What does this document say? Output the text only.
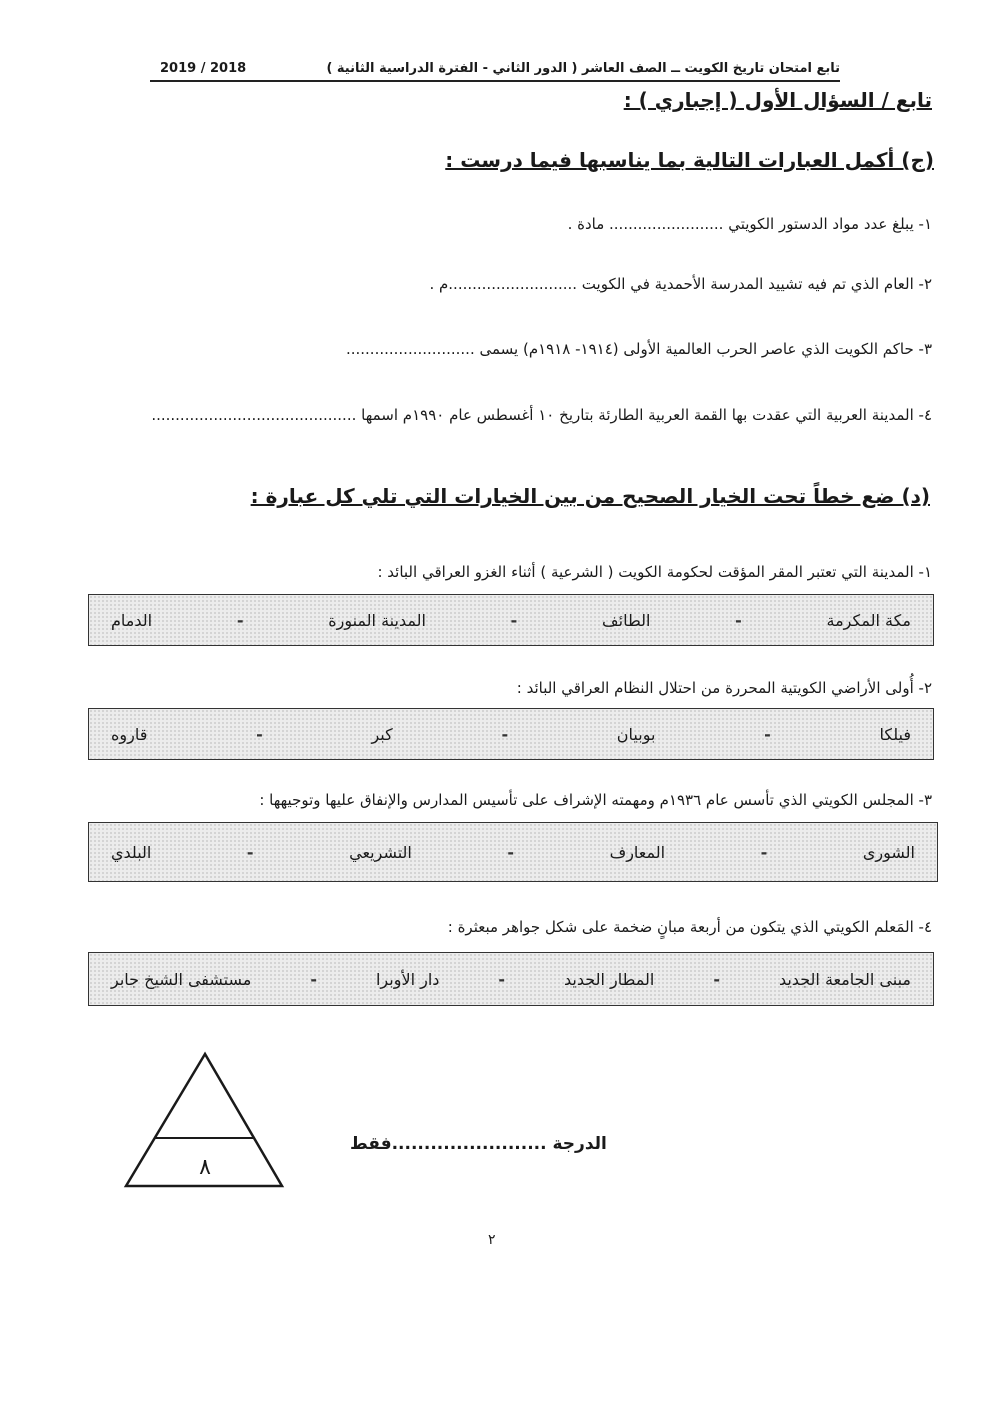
تابع امتحان تاريخ الكويت ــ الصف العاشر ( الدور الثاني - الفترة الدراسية الثانية )
2019 / 2018
تابع / السؤال الأول ( إجباري ) :
(ج) أكمل العبارات التالية بما يناسبها فيما درست :
١- يبلغ عدد مواد الدستور الكويتي ........................ مادة .
٢- العام الذي تم فيه تشييد المدرسة الأحمدية في الكويت ...........................م .
٣- حاكم الكويت الذي عاصر الحرب العالمية الأولى (١٩١٤- ١٩١٨م) يسمى ...........................
٤- المدينة العربية التي عقدت بها القمة العربية الطارئة بتاريخ ١٠ أغسطس عام ١٩٩٠م اسمها ...........................................
(د) ضع خطاً تحت الخيار الصحيح من بين الخيارات التي تلي كل عبارة :
١- المدينة التي تعتبر المقر المؤقت لحكومة الكويت ( الشرعية ) أثناء الغزو العراقي البائد :
مكة المكرمة
-
الطائف
-
المدينة المنورة
-
الدمام
٢- أُولى الأراضي الكويتية المحررة من احتلال النظام العراقي البائد :
فيلكا
-
بوبيان
-
كبر
-
قاروه
٣- المجلس الكويتي الذي تأسس عام ١٩٣٦م ومهمته الإشراف على تأسيس المدارس والإنفاق عليها وتوجيهها :
الشورى
-
المعارف
-
التشريعي
-
البلدي
٤- المَعلم الكويتي الذي يتكون من أربعة مبانٍ ضخمة على شكل جواهر مبعثرة :
مبنى الجامعة الجديد
-
المطار الجديد
-
دار الأوبرا
-
مستشفى الشيخ جابر
٨
الدرجة ........................فقط
٢
